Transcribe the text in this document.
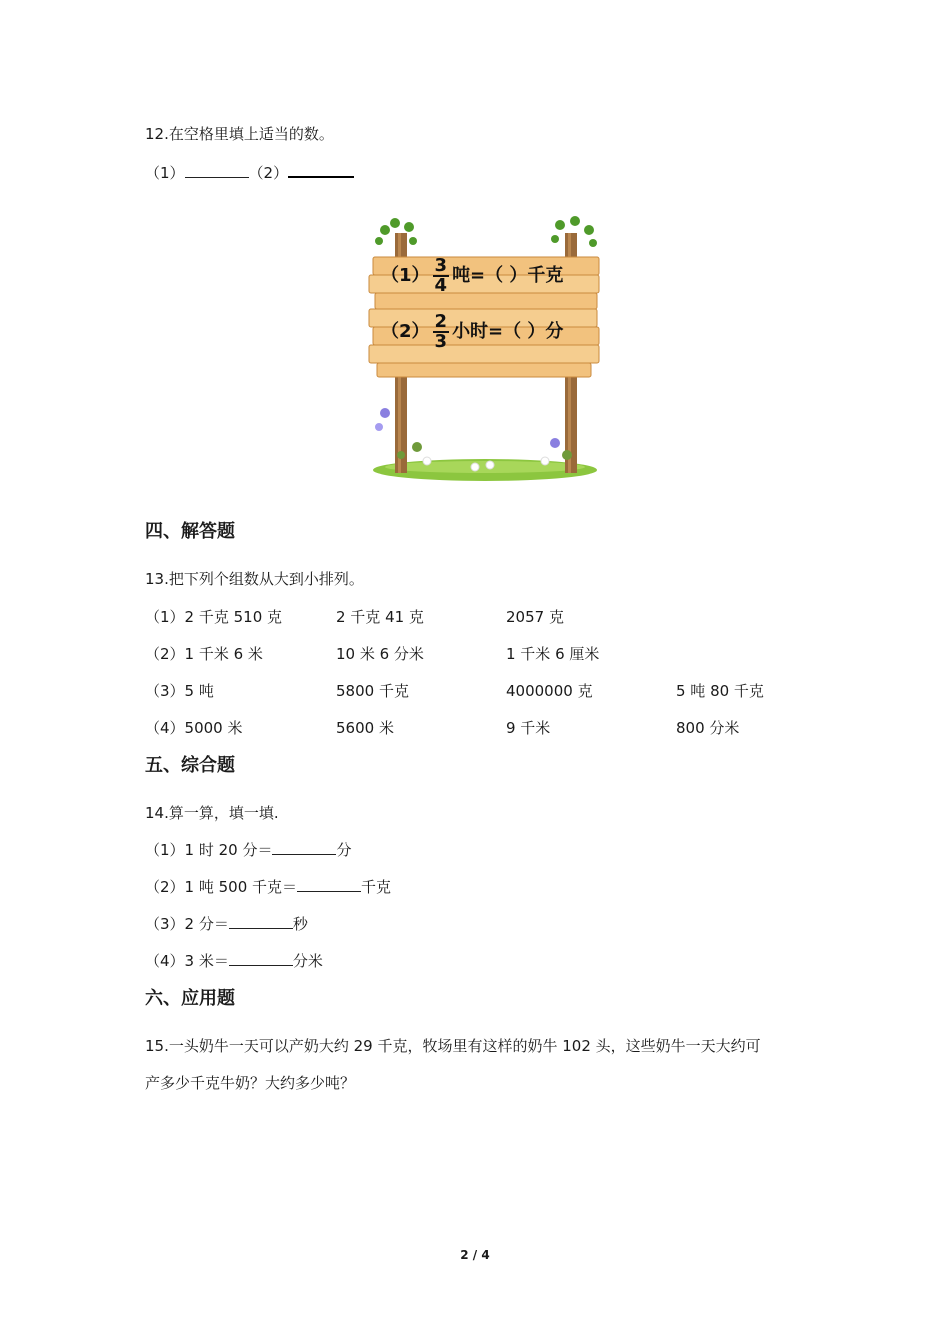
12.在空格里填上适当的数。
（1）	（2）
$(1) \frac{3}{4}$ 吨=（ ）千克
$(2) \frac{2}{3}$ 小时=（ ）分
四、解答题
13.把下列个组数从大到小排列。
（1）2 千克 510 克	2 千克 41 克	2057 克
（2）1 千米 6 米	10 米 6 分米	1 千米 6 厘米
（3）5 吨	5800 千克	4000000 克	5 吨 80 千克
（4）5000 米	5600 米	9 千米	800 分米
五、综合题
14.算一算，填一填.
（1）1 时 20 分＝	分
（2）1 吨 500 千克＝	千克
（3）2 分＝	秒
（4）3 米＝	分米
六、应用题
15.一头奶牛一天可以产奶大约 29 千克，牧场里有这样的奶牛 102 头，这些奶牛一天大约可
产多少千克牛奶？大约多少吨？
2 / 4
